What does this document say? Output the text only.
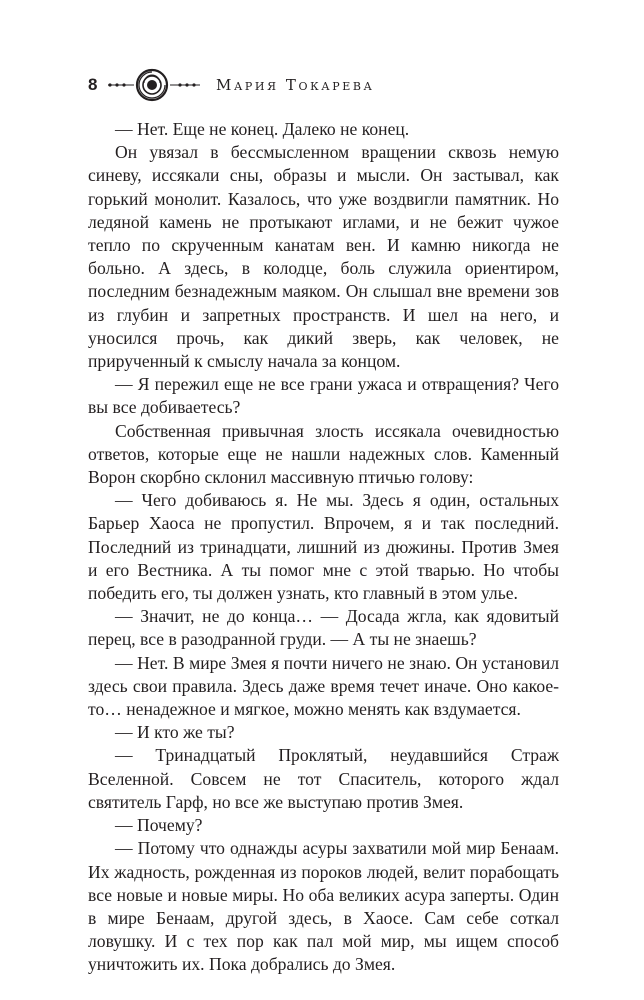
8	Мария Токарева

— Нет. Еще не конец. Далеко не конец.

Он увязал в бессмысленном вращении сквозь немую синеву, иссякали сны, образы и мысли. Он застывал, как горький монолит. Казалось, что уже воздвигли памятник. Но ледяной камень не протыкают иглами, и не бежит чужое тепло по скрученным канатам вен. И камню никогда не больно. А здесь, в колодце, боль служила ориентиром, последним безнадежным маяком. Он слышал вне времени зов из глубин и запретных пространств. И шел на него, и уносился прочь, как дикий зверь, как человек, не прирученный к смыслу начала за концом.

— Я пережил еще не все грани ужаса и отвращения? Чего вы все добиваетесь?

Собственная привычная злость иссякала очевидностью ответов, которые еще не нашли надежных слов. Каменный Ворон скорбно склонил массивную птичью голову:

— Чего добиваюсь я. Не мы. Здесь я один, остальных Барьер Хаоса не пропустил. Впрочем, я и так последний. Последний из тринадцати, лишний из дюжины. Против Змея и его Вестника. А ты помог мне с этой тварью. Но чтобы победить его, ты должен узнать, кто главный в этом улье.

— Значит, не до конца… — Досада жгла, как ядовитый перец, все в разодранной груди. — А ты не знаешь?

— Нет. В мире Змея я почти ничего не знаю. Он установил здесь свои правила. Здесь даже время течет иначе. Оно какое-то… ненадежное и мягкое, можно менять как вздумается.

— И кто же ты?

— Тринадцатый Проклятый, неудавшийся Страж Вселенной. Совсем не тот Спаситель, которого ждал святитель Гарф, но все же выступаю против Змея.

— Почему?

— Потому что однажды асуры захватили мой мир Бенаам. Их жадность, рожденная из пороков людей, велит порабощать все новые и новые миры. Но оба великих асура заперты. Один в мире Бенаам, другой здесь, в Хаосе. Сам себе соткал ловушку. И с тех пор как пал мой мир, мы ищем способ уничтожить их. Пока добрались до Змея.
